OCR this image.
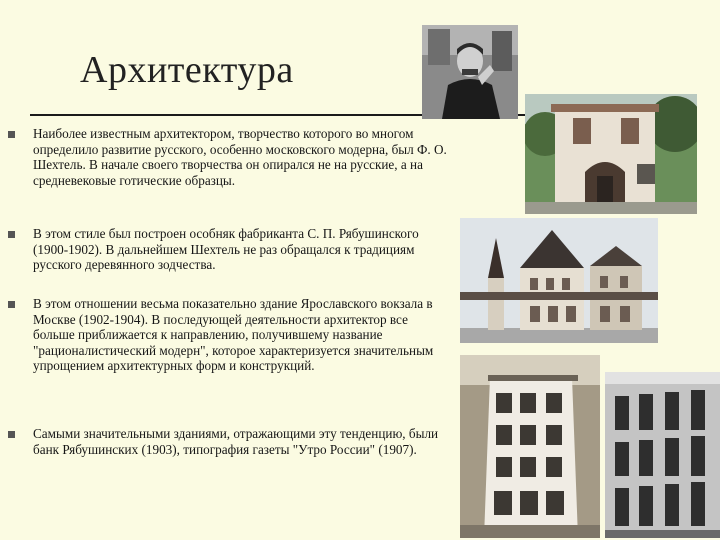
Архитектура
Наиболее известным архитектором, творчество которого во многом определило развитие русского, особенно московского модерна, был Ф. О. Шехтель. В начале своего творчества он опирался не на русские, а на средневековые готические образцы.
В этом стиле был построен особняк фабриканта С. П. Рябушинского (1900-1902). В дальнейшем Шехтель не раз обращался к традициям русского деревянного зодчества.
В этом отношении весьма показательно здание Ярославского вокзала в Москве (1902-1904). В последующей деятельности архитектор все больше приближается к направлению, получившему название "рационалистический модерн", которое характеризуется значительным упрощением архитектурных форм и конструкций.
Самыми значительными зданиями, отражающими эту тенденцию, были банк Рябушинских (1903), типография газеты "Утро России" (1907).
